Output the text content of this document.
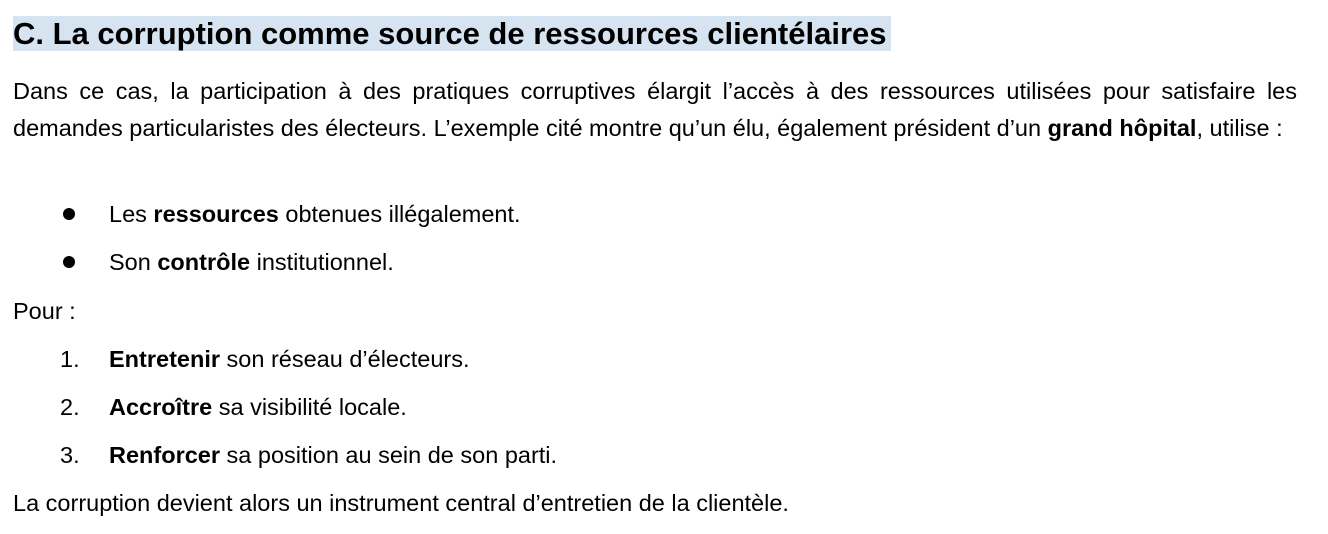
C. La corruption comme source de ressources clientélaires

Dans ce cas, la participation à des pratiques corruptives élargit l’accès à des ressources utilisées pour satisfaire les demandes particularistes des électeurs. L’exemple cité montre qu’un élu, également président d’un grand hôpital, utilise :

Les ressources obtenues illégalement.
Son contrôle institutionnel.

Pour :

1.	Entretenir son réseau d’électeurs.
2.	Accroître sa visibilité locale.
3.	Renforcer sa position au sein de son parti.

La corruption devient alors un instrument central d’entretien de la clientèle.
